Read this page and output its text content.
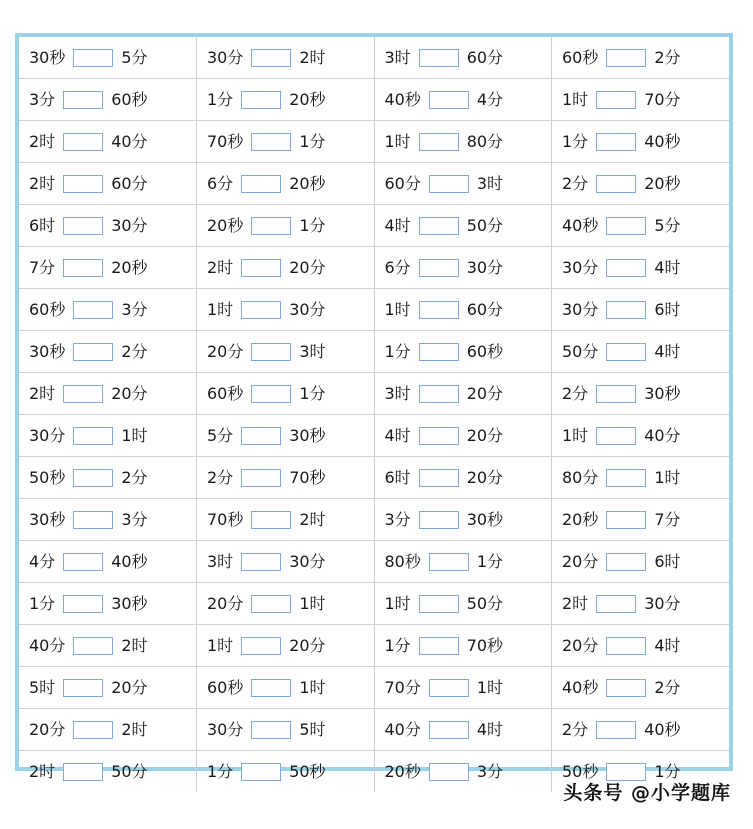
30秒 5分	30分 2时	3时 60分	60秒 2分
3分 60秒	1分 20秒	40秒 4分	1时 70分
2时 40分	70秒 1分	1时 80分	1分 40秒
2时 60分	6分 20秒	60分 3时	2分 20秒
6时 30分	20秒 1分	4时 50分	40秒 5分
7分 20秒	2时 20分	6分 30分	30分 4时
60秒 3分	1时 30分	1时 60分	30分 6时
30秒 2分	20分 3时	1分 60秒	50分 4时
2时 20分	60秒 1分	3时 20分	2分 30秒
30分 1时	5分 30秒	4时 20分	1时 40分
50秒 2分	2分 70秒	6时 20分	80分 1时
30秒 3分	70秒 2时	3分 30秒	20秒 7分
4分 40秒	3时 30分	80秒 1分	20分 6时
1分 30秒	20分 1时	1时 50分	2时 30分
40分 2时	1时 20分	1分 70秒	20分 4时
5时 20分	60秒 1时	70分 1时	40秒 2分
20分 2时	30分 5时	40分 4时	2分 40秒
2时 50分	1分 50秒	20秒 3分	50秒 1分
头条号 @小学题库
